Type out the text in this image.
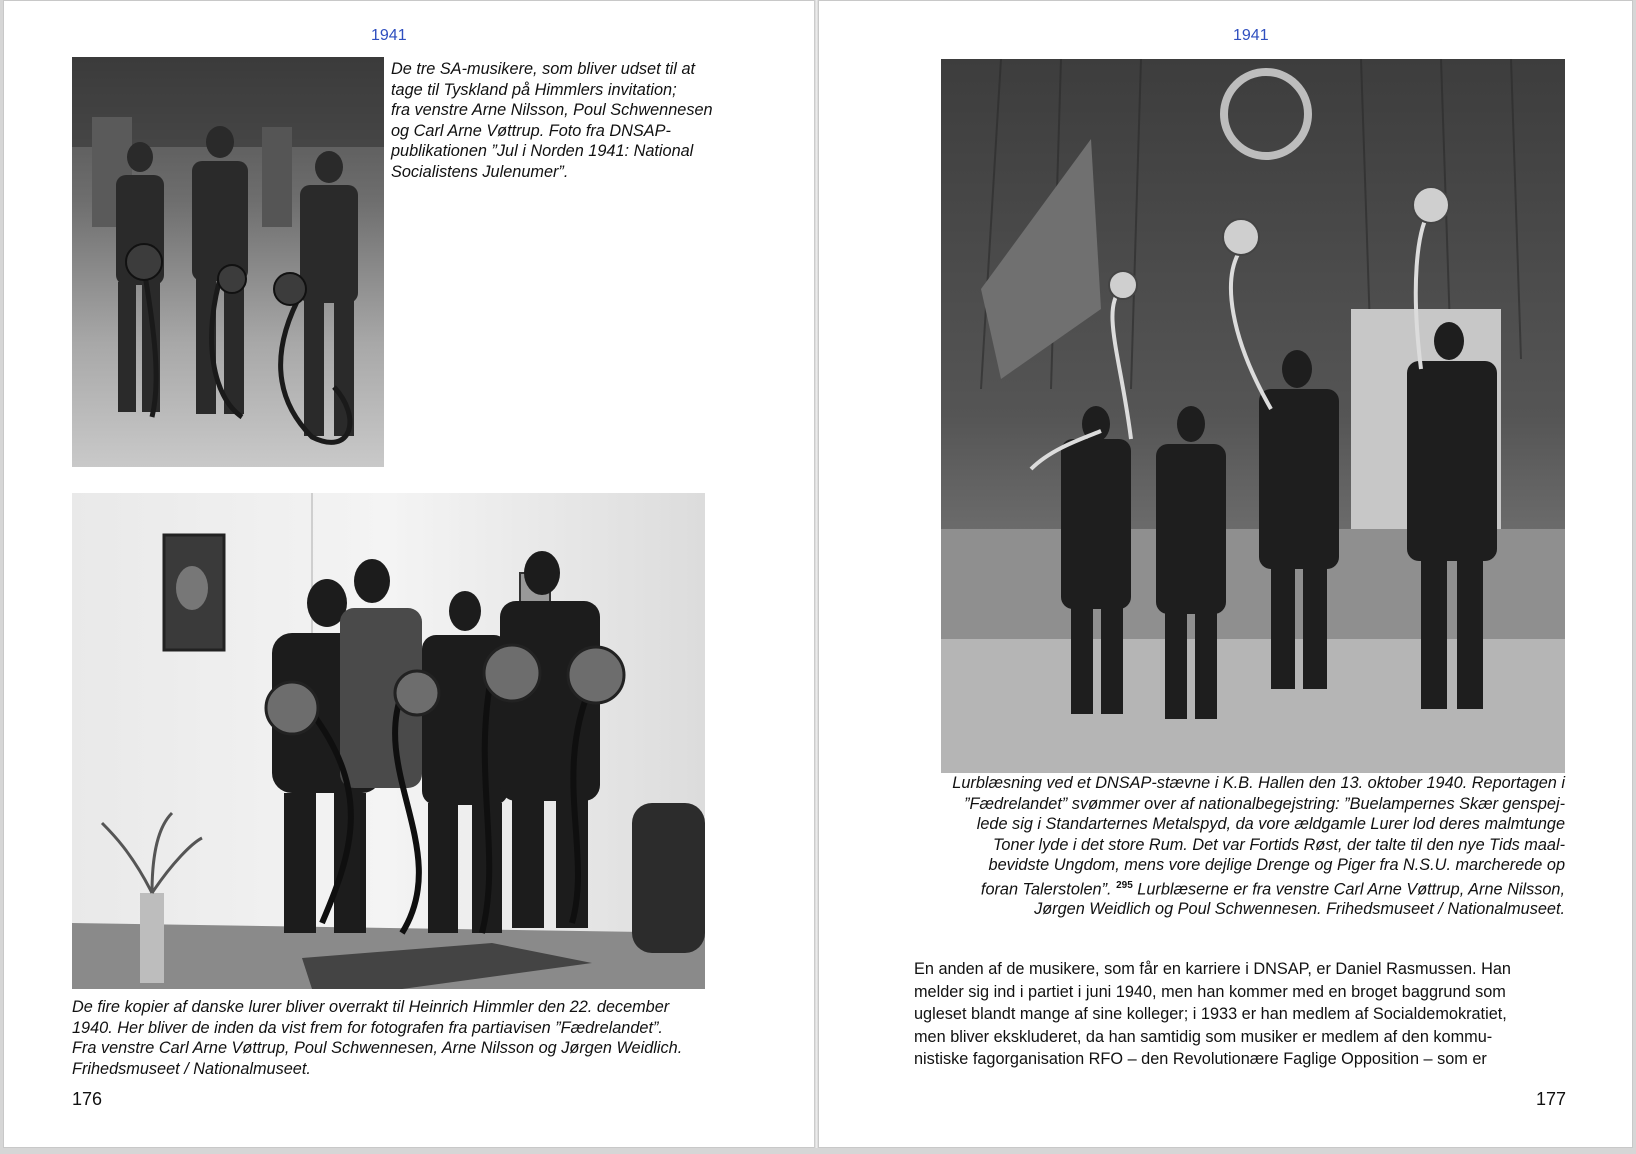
1941
De tre SA-musikere, som bliver udset til at
tage til Tyskland på Himmlers invitation;
fra venstre Arne Nilsson, Poul Schwennesen
og Carl Arne Vøttrup. Foto fra DNSAP-
publikationen ”Jul i Norden 1941: National
Socialistens Julenumer”.
De fire kopier af danske lurer bliver overrakt til Heinrich Himmler den 22. december
1940. Her bliver de inden da vist frem for fotografen fra partiavisen ”Fædrelandet”.
Fra venstre Carl Arne Vøttrup, Poul Schwennesen, Arne Nilsson og Jørgen Weidlich.
Frihedsmuseet / Nationalmuseet.
176
1941
Lurblæsning ved et DNSAP-stævne i K.B. Hallen den 13. oktober 1940. Reportagen i
”Fædrelandet” svømmer over af nationalbegejstring: ”Buelampernes Skær genspej-
lede sig i Standarternes Metalspyd, da vore ældgamle Lurer lod deres malmtunge
Toner lyde i det store Rum. Det var Fortids Røst, der talte til den nye Tids maal-
bevidste Ungdom, mens vore dejlige Drenge og Piger fra N.S.U. marcherede op
foran Talerstolen”. $^{295}$ Lurblæserne er fra venstre Carl Arne Vøttrup, Arne Nilsson,
Jørgen Weidlich og Poul Schwennesen. Frihedsmuseet / Nationalmuseet.
En anden af de musikere, som får en karriere i DNSAP, er Daniel Rasmussen. Han
melder sig ind i partiet i juni 1940, men han kommer med en broget baggrund som
ugleset blandt mange af sine kolleger; i 1933 er han medlem af Socialdemokratiet,
men bliver ekskluderet, da han samtidig som musiker er medlem af den kommu-
nistiske fagorganisation RFO – den Revolutionære Faglige Opposition – som er
177
